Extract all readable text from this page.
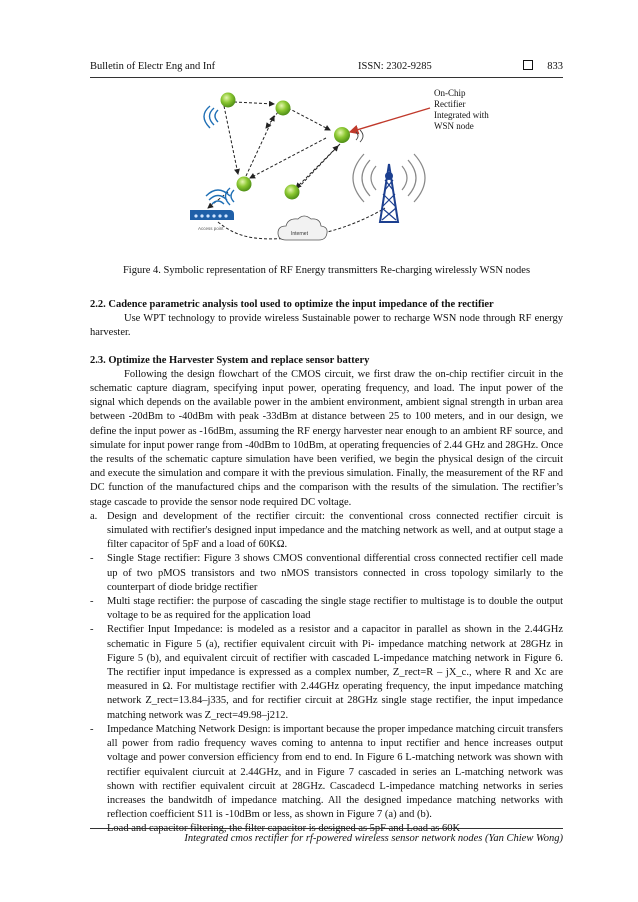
Bulletin of Electr Eng and Inf	ISSN: 2302-9285	833
Access point
Internet
On-Chip
Rectifier
Integrated with
WSN node
Figure 4. Symbolic representation of RF Energy transmitters Re-charging wirelessly WSN nodes

2.2. Cadence parametric analysis tool used to optimize the input impedance of the rectifier

Use WPT technology to provide wireless Sustainable power to recharge WSN node through RF energy harvester.

2.3. Optimize the Harvester System and replace sensor battery

Following the design flowchart of the CMOS circuit, we first draw the on-chip rectifier circuit in the schematic capture diagram, specifying input power, operating frequency, and load. The input power of the signal which depends on the available power in the ambient environment, ambient signal strength in urban area between -20dBm to -40dBm with peak -33dBm at distance between 25 to 100 meters, and in our design, we define the input power as -16dBm, assuming the RF energy harvester near enough to an ambient RF source, and simulate for input power range from -40dBm to 10dBm, at operating frequencies of 2.44 GHz and 28GHz. Once the results of the schematic capture simulation have been verified, we begin the physical design of the circuit and execute the simulation and compare it with the previous simulation. Finally, the measurement of the RF and DC function of the manufactured chips and the comparison with the results of the simulation. The rectifier’s stage cascade to provide the sensor node required DC voltage.

a. Design and development of the rectifier circuit: the conventional cross connected rectifier circuit is simulated with rectifier's designed input impedance and the matching network as well, and at output stage a filter capacitor of 5pF and a load of 60KΩ.
-	Single Stage rectifier: Figure 3 shows CMOS conventional differential cross connected rectifier cell made up of two pMOS transistors and two nMOS transistors connected in cross topology similarly to the counterpart of diode bridge rectifier
-	Multi stage rectifier: the purpose of cascading the single stage rectifier to multistage is to double the output voltage to be as required for the application load
-	Rectifier Input Impedance: is modeled as a resistor and a capacitor in parallel as shown in the 2.44GHz schematic in Figure 5 (a), rectifier equivalent circuit with Pi- impedance matching network at 28GHz in Figure 5 (b), and equivalent circuit of rectifier with cascaded L-impedance matching network in Figure 6. The rectifier input impedance is expressed as a complex number, Z_rect=R – jX_c., where R and Xc are measured in Ω. For multistage rectifier with 2.44GHz operating frequency, the input impedance matching network Z_rect=13.84–j335, and for rectifier circuit at 28GHz single stage rectifier, the input impedance matching network was Z_rect=49.98–j212.
-	Impedance Matching Network Design: is important because the proper impedance matching circuit transfers all power from radio frequency waves coming to antenna to input rectifier and hence increases output voltage and power conversion efficiency from end to end. In Figure 6 L-matching network was shown with rectifier equivalent ciurcuit at 2.44GHz, and in Figure 7 cascaded in series an L-matching network was shown with rectifier equivalent circuit at 28GHz. Cascadecd L-impedance matching networks in series increases the bandwitdh of impedance matching. All the designed impedance matching networks with reflection coefficient S11 is -10dBm or less, as shown in Figure 7 (a) and (b).
Integrated cmos rectifier for rf-powered wireless sensor network nodes (Yan Chiew Wong)
